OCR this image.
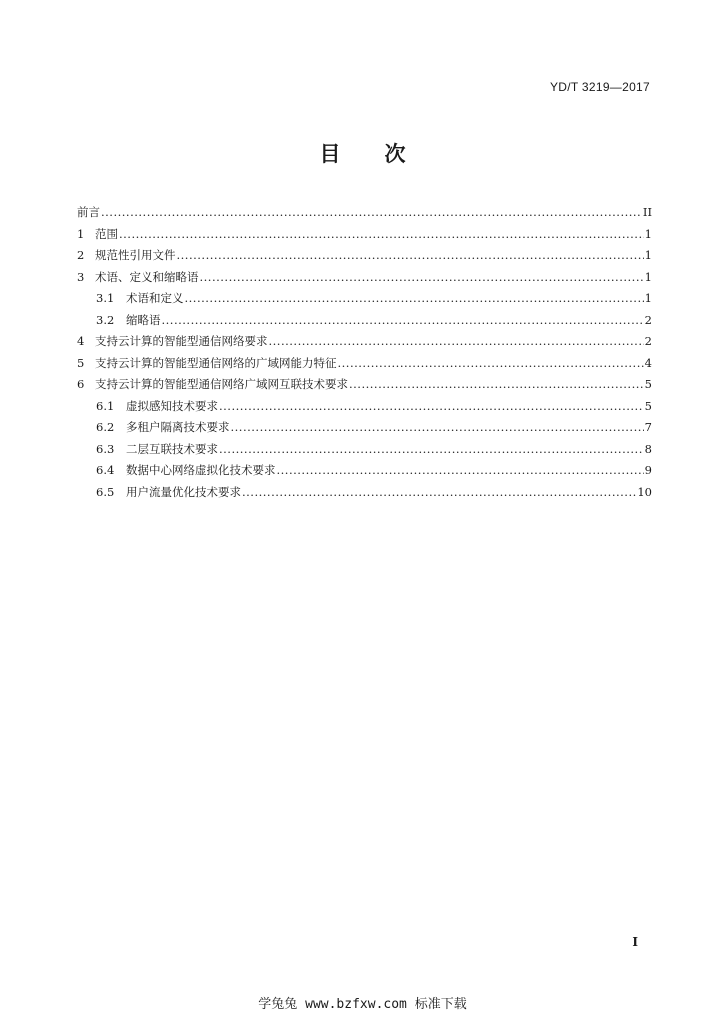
YD/T 3219—2017
目 次
前言 .....	II
1 范围 .....	1
2 规范性引用文件 .....	1
3 术语、定义和缩略语 .....	1
3.1	术语和定义 .....	1
3.2	缩略语 .....	2
4 支持云计算的智能型通信网络要求 .....	2
5 支持云计算的智能型通信网络的广域网能力特征 .....	4
6 支持云计算的智能型通信网络广域网互联技术要求 .....	5
6.1	虚拟感知技术要求 .....	5
6.2	多租户隔离技术要求 .....	7
6.3	二层互联技术要求 .....	8
6.4	数据中心网络虚拟化技术要求 .....	9
6.5	用户流量优化技术要求 .....	10
I
学兔兔 www.bzfxw.com 标准下载
